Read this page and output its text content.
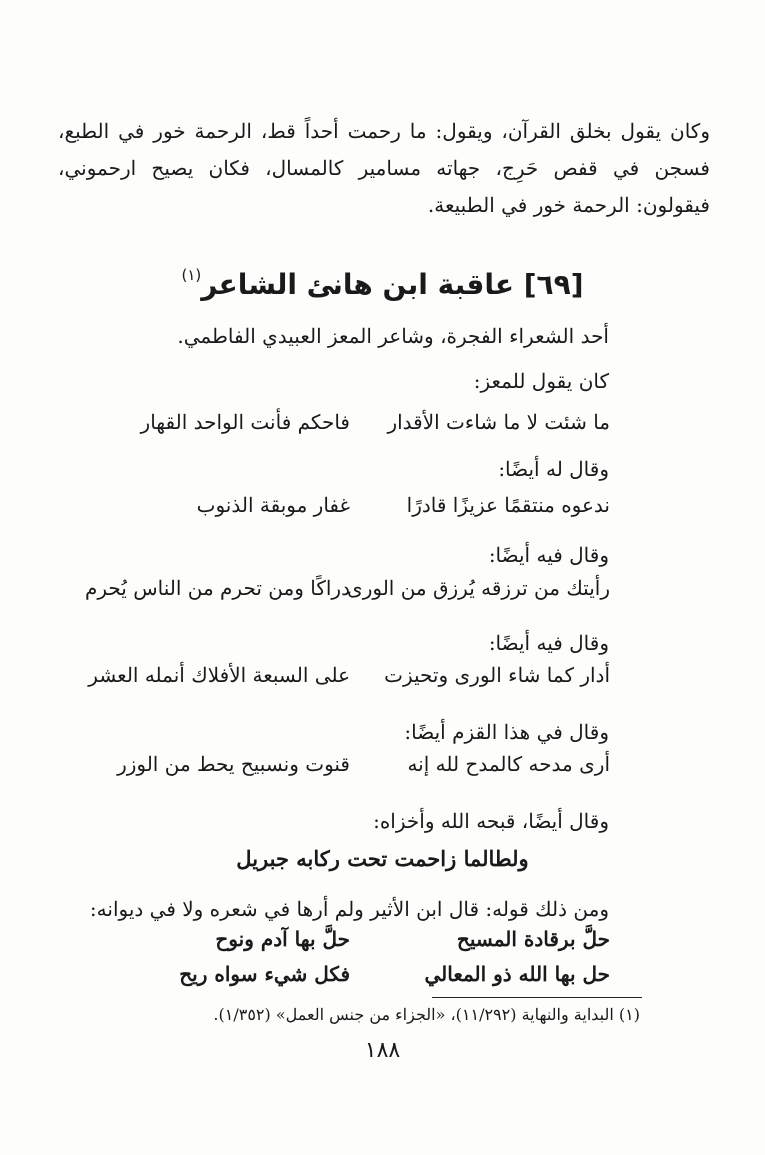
وكان يقول بخلق القرآن، ويقول: ما رحمت أحداً قط، الرحمة خور في الطبع، فسجن في قفص حَرِج، جهاته مسامير كالمسال، فكان يصيح ارحموني، فيقولون: الرحمة خور في الطبيعة.
[٦٩] عاقبة ابن هانئ الشاعر$^{(١)}$
أحد الشعراء الفجرة، وشاعر المعز العبيدي الفاطمي.
كان يقول للمعز:
ما شئت لا ما شاءت الأقدار
فاحكم فأنت الواحد القهار
وقال له أيضًا:
ندعوه منتقمًا عزيزًا قادرًا
غفار موبقة الذنوب
وقال فيه أيضًا:
رأيتك من ترزقه يُرزق من الورى
دراكًا ومن تحرم من الناس يُحرم
وقال فيه أيضًا:
أدار كما شاء الورى وتحيزت
على السبعة الأفلاك أنمله العشر
وقال في هذا القزم أيضًا:
أرى مدحه كالمدح لله إنه
قنوت ونسبيح يحط من الوزر
وقال أيضًا، قبحه الله وأخزاه:
ولطالما زاحمت تحت ركابه جبريل
ومن ذلك قوله: قال ابن الأثير ولم أرها في شعره ولا في ديوانه:
حلَّ برقادة المسيح
حلَّ بها آدم ونوح
حل بها الله ذو المعالي
فكل شيء سواه ريح
(١) البداية والنهاية (١١/٢٩٢)، «الجزاء من جنس العمل» (١/٣٥٢).
١٨٨
